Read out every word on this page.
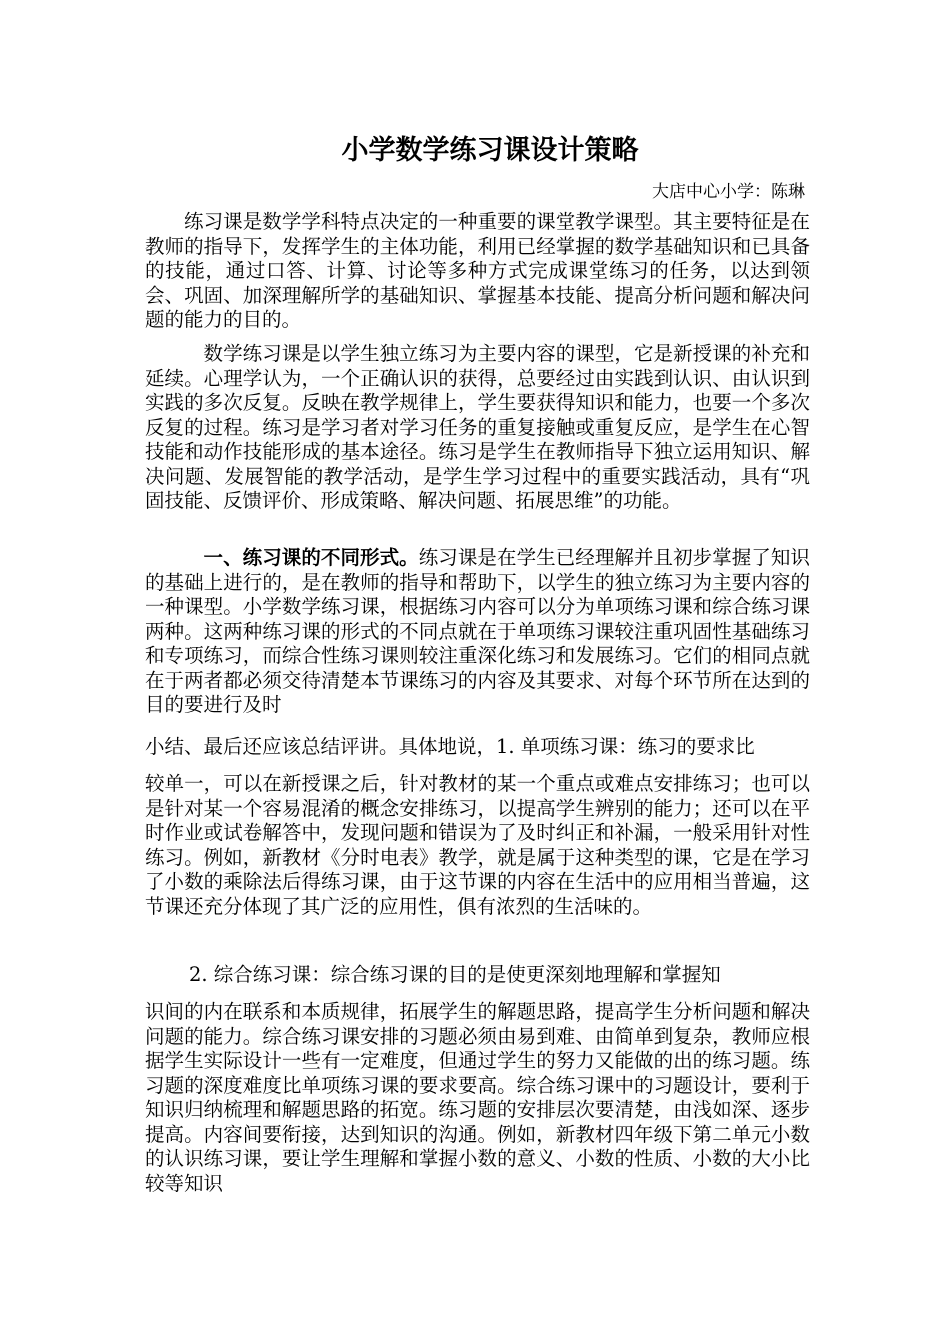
小学数学练习课设计策略

大店中心小学：陈琳

练习课是数学学科特点决定的一种重要的课堂教学课型。其主要特征是在教师的指导下，发挥学生的主体功能，利用已经掌握的数学基础知识和已具备的技能，通过口答、计算、讨论等多种方式完成课堂练习的任务，以达到领会、巩固、加深理解所学的基础知识、掌握基本技能、提高分析问题和解决问题的能力的目的。

数学练习课是以学生独立练习为主要内容的课型，它是新授课的补充和延续。心理学认为，一个正确认识的获得，总要经过由实践到认识、由认识到实践的多次反复。反映在教学规律上，学生要获得知识和能力，也要一个多次反复的过程。练习是学习者对学习任务的重复接触或重复反应，是学生在心智技能和动作技能形成的基本途径。练习是学生在教师指导下独立运用知识、解决问题、发展智能的教学活动，是学生学习过程中的重要实践活动，具有“巩固技能、反馈评价、形成策略、解决问题、拓展思维”的功能。

一、练习课的不同形式。练习课是在学生已经理解并且初步掌握了知识的基础上进行的，是在教师的指导和帮助下，以学生的独立练习为主要内容的一种课型。小学数学练习课，根据练习内容可以分为单项练习课和综合练习课两种。这两种练习课的形式的不同点就在于单项练习课较注重巩固性基础练习和专项练习，而综合性练习课则较注重深化练习和发展练习。它们的相同点就在于两者都必须交待清楚本节课练习的内容及其要求、对每个环节所在达到的目的要进行及时

小结、最后还应该总结评讲。具体地说，1. 单项练习课：练习的要求比

较单一，可以在新授课之后，针对教材的某一个重点或难点安排练习；也可以是针对某一个容易混淆的概念安排练习，以提高学生辨别的能力；还可以在平时作业或试卷解答中，发现问题和错误为了及时纠正和补漏，一般采用针对性练习。例如，新教材《分时电表》教学，就是属于这种类型的课，它是在学习了小数的乘除法后得练习课，由于这节课的内容在生活中的应用相当普遍，这节课还充分体现了其广泛的应用性，俱有浓烈的生活味的。

2. 综合练习课：综合练习课的目的是使更深刻地理解和掌握知

识间的内在联系和本质规律，拓展学生的解题思路，提高学生分析问题和解决问题的能力。综合练习课安排的习题必须由易到难、由简单到复杂，教师应根据学生实际设计一些有一定难度，但通过学生的努力又能做的出的练习题。练习题的深度难度比单项练习课的要求要高。综合练习课中的习题设计，要利于知识归纳梳理和解题思路的拓宽。练习题的安排层次要清楚，由浅如深、逐步提高。内容间要衔接，达到知识的沟通。例如，新教材四年级下第二单元小数的认识练习课，要让学生理解和掌握小数的意义、小数的性质、小数的大小比较等知识
